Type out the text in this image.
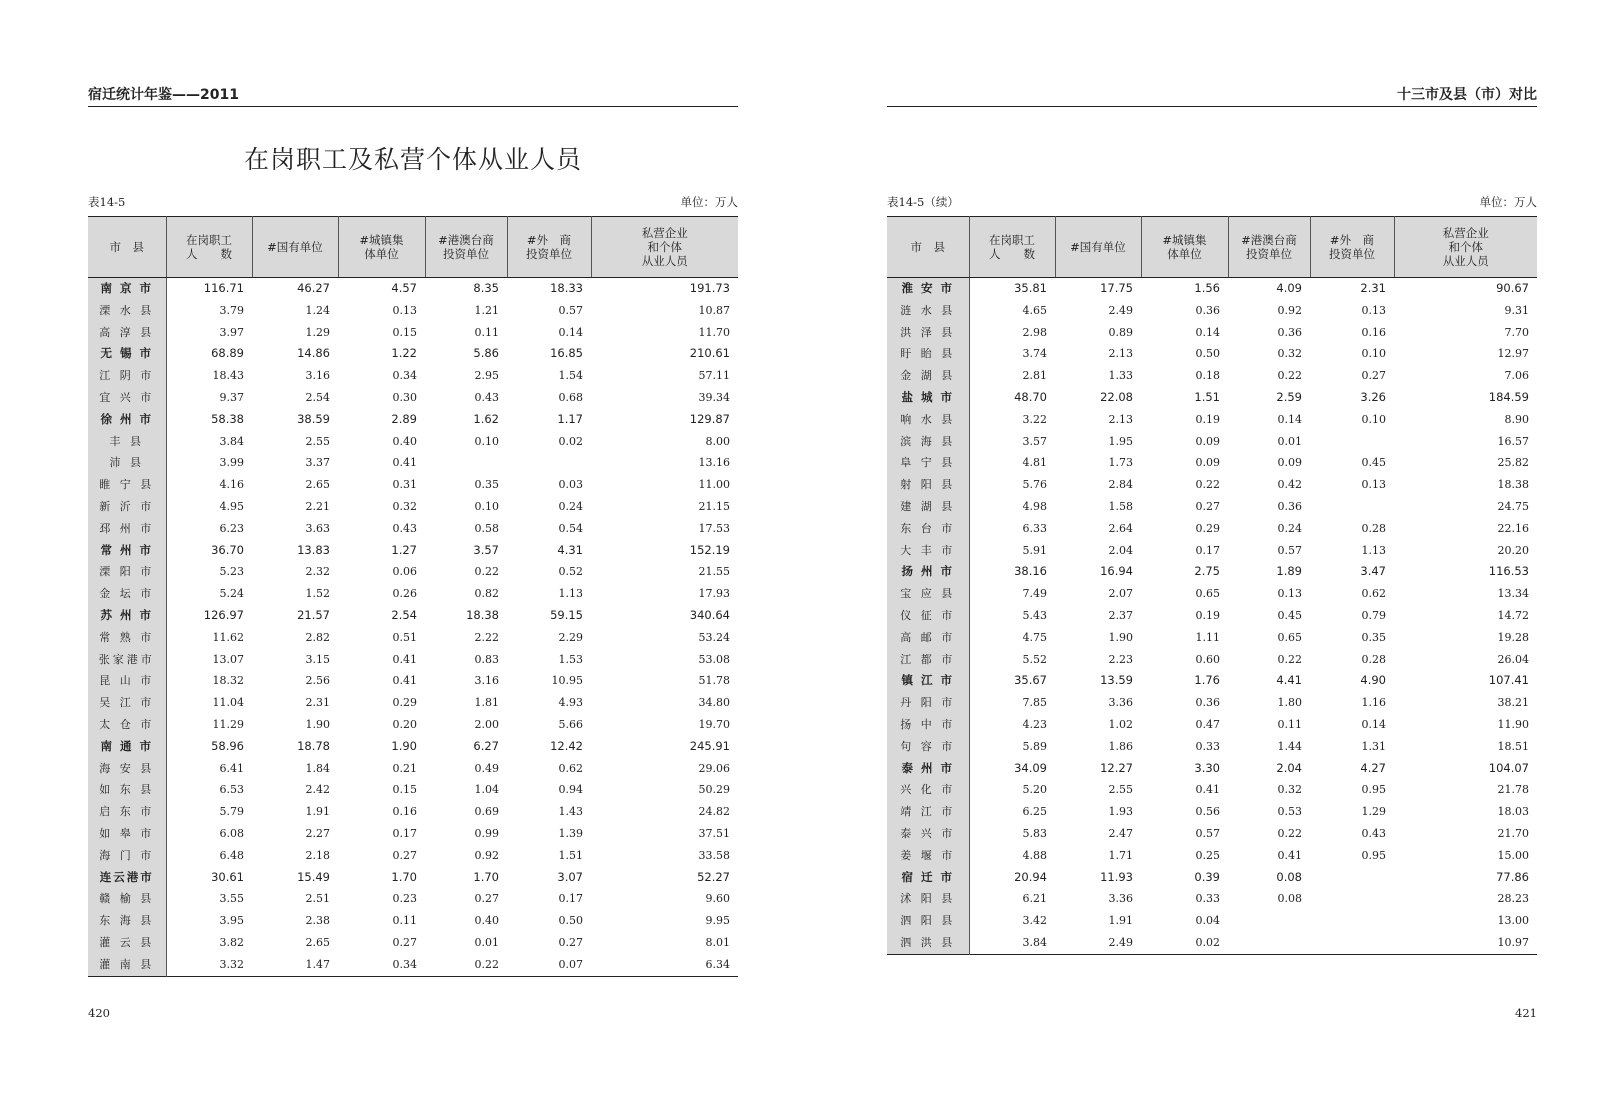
宿迁统计年鉴——2011
在岗职工及私营个体从业人员
表14-5	单位：万人
市　县	在岗职工
人　　数	#国有单位	#城镇集
体单位	#港澳台商
投资单位	#外　商
投资单位	私营企业
和个体
从业人员
南 京 市	116.71	46.27	4.57	8.35	18.33	191.73
溧 水 县	3.79	1.24	0.13	1.21	0.57	10.87
高 淳 县	3.97	1.29	0.15	0.11	0.14	11.70
无 锡 市	68.89	14.86	1.22	5.86	16.85	210.61
江 阴 市	18.43	3.16	0.34	2.95	1.54	57.11
宜 兴 市	9.37	2.54	0.30	0.43	0.68	39.34
徐 州 市	58.38	38.59	2.89	1.62	1.17	129.87
丰 县	3.84	2.55	0.40	0.10	0.02	8.00
沛 县	3.99	3.37	0.41			13.16
睢 宁 县	4.16	2.65	0.31	0.35	0.03	11.00
新 沂 市	4.95	2.21	0.32	0.10	0.24	21.15
邳 州 市	6.23	3.63	0.43	0.58	0.54	17.53
常 州 市	36.70	13.83	1.27	3.57	4.31	152.19
溧 阳 市	5.23	2.32	0.06	0.22	0.52	21.55
金 坛 市	5.24	1.52	0.26	0.82	1.13	17.93
苏 州 市	126.97	21.57	2.54	18.38	59.15	340.64
常 熟 市	11.62	2.82	0.51	2.22	2.29	53.24
张家港市	13.07	3.15	0.41	0.83	1.53	53.08
昆 山 市	18.32	2.56	0.41	3.16	10.95	51.78
吴 江 市	11.04	2.31	0.29	1.81	4.93	34.80
太 仓 市	11.29	1.90	0.20	2.00	5.66	19.70
南 通 市	58.96	18.78	1.90	6.27	12.42	245.91
海 安 县	6.41	1.84	0.21	0.49	0.62	29.06
如 东 县	6.53	2.42	0.15	1.04	0.94	50.29
启 东 市	5.79	1.91	0.16	0.69	1.43	24.82
如 皋 市	6.08	2.27	0.17	0.99	1.39	37.51
海 门 市	6.48	2.18	0.27	0.92	1.51	33.58
连云港市	30.61	15.49	1.70	1.70	3.07	52.27
赣 榆 县	3.55	2.51	0.23	0.27	0.17	9.60
东 海 县	3.95	2.38	0.11	0.40	0.50	9.95
灌 云 县	3.82	2.65	0.27	0.01	0.27	8.01
灌 南 县	3.32	1.47	0.34	0.22	0.07	6.34
420
十三市及县（市）对比
表14-5（续）	单位：万人
市　县	在岗职工
人　　数	#国有单位	#城镇集
体单位	#港澳台商
投资单位	#外　商
投资单位	私营企业
和个体
从业人员
淮 安 市	35.81	17.75	1.56	4.09	2.31	90.67
涟 水 县	4.65	2.49	0.36	0.92	0.13	9.31
洪 泽 县	2.98	0.89	0.14	0.36	0.16	7.70
盱 眙 县	3.74	2.13	0.50	0.32	0.10	12.97
金 湖 县	2.81	1.33	0.18	0.22	0.27	7.06
盐 城 市	48.70	22.08	1.51	2.59	3.26	184.59
响 水 县	3.22	2.13	0.19	0.14	0.10	8.90
滨 海 县	3.57	1.95	0.09	0.01		16.57
阜 宁 县	4.81	1.73	0.09	0.09	0.45	25.82
射 阳 县	5.76	2.84	0.22	0.42	0.13	18.38
建 湖 县	4.98	1.58	0.27	0.36		24.75
东 台 市	6.33	2.64	0.29	0.24	0.28	22.16
大 丰 市	5.91	2.04	0.17	0.57	1.13	20.20
扬 州 市	38.16	16.94	2.75	1.89	3.47	116.53
宝 应 县	7.49	2.07	0.65	0.13	0.62	13.34
仪 征 市	5.43	2.37	0.19	0.45	0.79	14.72
高 邮 市	4.75	1.90	1.11	0.65	0.35	19.28
江 都 市	5.52	2.23	0.60	0.22	0.28	26.04
镇 江 市	35.67	13.59	1.76	4.41	4.90	107.41
丹 阳 市	7.85	3.36	0.36	1.80	1.16	38.21
扬 中 市	4.23	1.02	0.47	0.11	0.14	11.90
句 容 市	5.89	1.86	0.33	1.44	1.31	18.51
泰 州 市	34.09	12.27	3.30	2.04	4.27	104.07
兴 化 市	5.20	2.55	0.41	0.32	0.95	21.78
靖 江 市	6.25	1.93	0.56	0.53	1.29	18.03
泰 兴 市	5.83	2.47	0.57	0.22	0.43	21.70
姜 堰 市	4.88	1.71	0.25	0.41	0.95	15.00
宿 迁 市	20.94	11.93	0.39	0.08		77.86
沭 阳 县	6.21	3.36	0.33	0.08		28.23
泗 阳 县	3.42	1.91	0.04			13.00
泗 洪 县	3.84	2.49	0.02			10.97
421
